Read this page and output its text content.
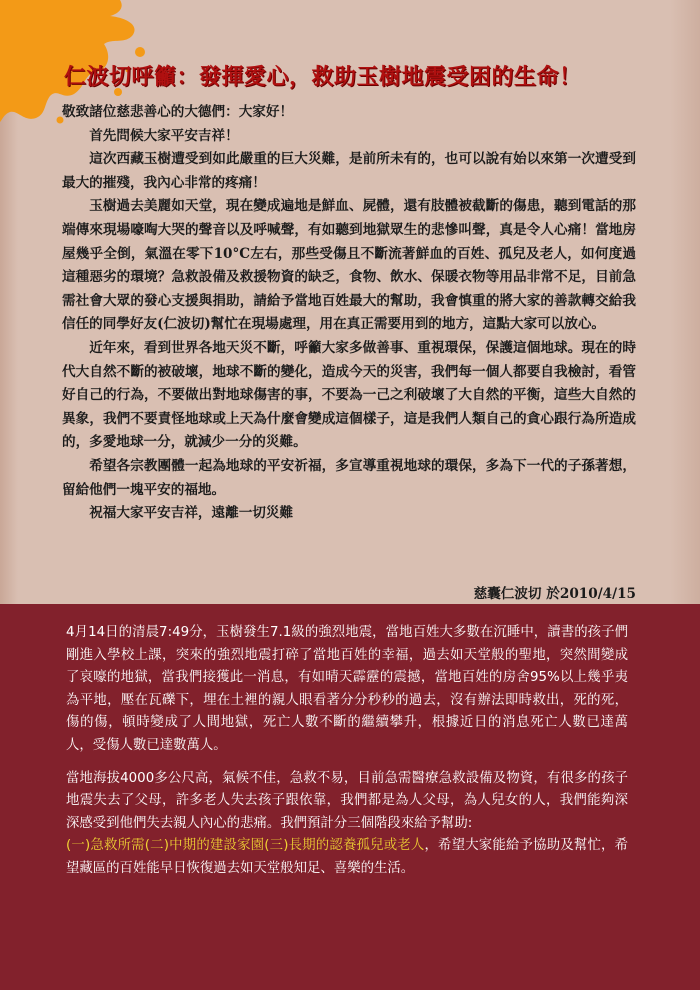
仁波切呼籲：發揮愛心，救助玉樹地震受困的生命！

敬致諸位慈悲善心的大德們：大家好！

首先問候大家平安吉祥！

這次西藏玉樹遭受到如此嚴重的巨大災難，是前所未有的，也可以說有始以來第一次遭受到最大的摧殘，我內心非常的疼痛！

玉樹過去美麗如天堂，現在變成遍地是鮮血、屍體，還有肢體被截斷的傷患，聽到電話的那端傳來現場嚎啕大哭的聲音以及呼喊聲，有如聽到地獄眾生的悲慘叫聲，真是令人心痛！當地房屋幾乎全倒，氣溫在零下10°C左右，那些受傷且不斷流著鮮血的百姓、孤兒及老人，如何度過這種惡劣的環境？急救設備及救援物資的缺乏，食物、飲水、保暖衣物等用品非常不足，目前急需社會大眾的發心支援與捐助，請給予當地百姓最大的幫助，我會慎重的將大家的善款轉交給我信任的同學好友(仁波切)幫忙在現場處理，用在真正需要用到的地方，這點大家可以放心。

近年來，看到世界各地天災不斷，呼籲大家多做善事、重視環保，保護這個地球。現在的時代大自然不斷的被破壞，地球不斷的變化，造成今天的災害，我們每一個人都要自我檢討，看管好自己的行為，不要做出對地球傷害的事，不要為一己之利破壞了大自然的平衡，這些大自然的異象，我們不要責怪地球或上天為什麼會變成這個樣子，這是我們人類自己的貪心跟行為所造成的，多愛地球一分，就減少一分的災難。

希望各宗教團體一起為地球的平安祈福，多宣導重視地球的環保，多為下一代的子孫著想，留給他們一塊平安的福地。

祝福大家平安吉祥，遠離一切災難

慈囊仁波切 於2010/4/15

4月14日的清晨7:49分，玉樹發生7.1級的強烈地震，當地百姓大多數在沉睡中，讀書的孩子們剛進入學校上課，突來的強烈地震打碎了當地百姓的幸福，過去如天堂般的聖地，突然間變成了哀嚎的地獄，當我們接獲此一消息，有如晴天霹靂的震撼，當地百姓的房舍95%以上幾乎夷為平地，壓在瓦礫下，埋在土裡的親人眼看著分分秒秒的過去，沒有辦法即時救出，死的死，傷的傷，頓時變成了人間地獄，死亡人數不斷的繼續攀升，根據近日的消息死亡人數已達萬人，受傷人數已達數萬人。

當地海拔4000多公尺高，氣候不佳，急救不易，目前急需醫療急救設備及物資，有很多的孩子地震失去了父母，許多老人失去孩子跟依靠，我們都是為人父母，為人兒女的人，我們能夠深深感受到他們失去親人內心的悲痛。我們預計分三個階段來給予幫助:
(一)急救所需(二)中期的建設家園(三)長期的認養孤兒或老人，希望大家能給予協助及幫忙，希望藏區的百姓能早日恢復過去如天堂般知足、喜樂的生活。
